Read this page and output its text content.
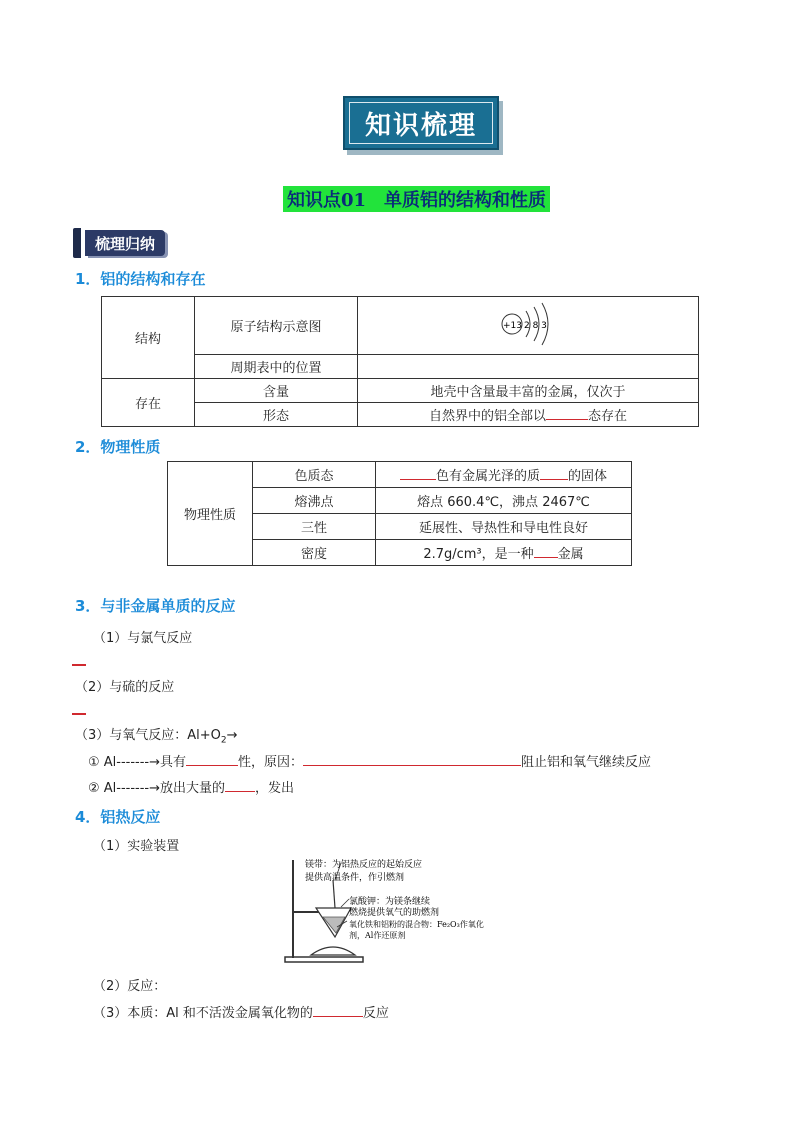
知识梳理
知识点01　单质铝的结构和性质
梳理归纳
1．铝的结构和存在
结构	原子结构示意图	+13 2 8 3

	周期表中的位置	
存在	含量	地壳中含量最丰富的金属，仅次于
	形态	自然界中的铝全部以 态存在
2．物理性质
物理性质	色质态	色有金属光泽的质 的固体
	熔沸点	熔点 660.4℃，沸点 2467℃
	三性	延展性、导热性和导电性良好
	密度	2.7g/cm³，是一种 金属
3．与非金属单质的反应
（1）与氯气反应
（2）与硫的反应
（3）与氧气反应：$Al+O_2\to$
① Al-------→具有	性，原因：	阻止铝和氧气继续反应
② Al-------→放出大量的 ，发出
4．铝热反应
（1）实验装置
镁带：为铝热反应的起始反应
提供高温条件，作引燃剂
氯酸钾：为镁条继续
燃烧提供氧气的助燃剂
氧化铁和铝粉的混合物：Fe₂O₃作氧化
剂，Al作还原剂
（2）反应：
（3）本质：Al 和不活泼金属氧化物的	反应
